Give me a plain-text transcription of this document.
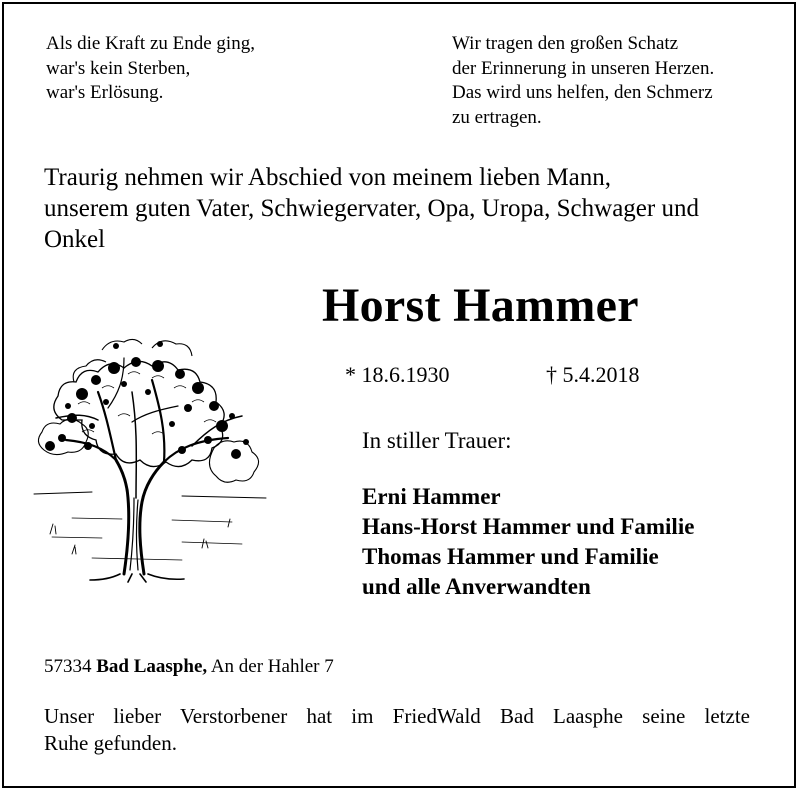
Als die Kraft zu Ende ging,
war's kein Sterben,
war's Erlösung.
Wir tragen den großen Schatz
der Erinnerung in unseren Herzen.
Das wird uns helfen, den Schmerz
zu ertragen.
Traurig nehmen wir Abschied von meinem lieben Mann,
unserem guten Vater, Schwiegervater, Opa, Uropa, Schwager und
Onkel
Horst Hammer
* 18.6.1930	† 5.4.2018
In stiller Trauer:
Erni Hammer
Hans-Horst Hammer und Familie
Thomas Hammer und Familie
und alle Anverwandten
57334 Bad Laasphe, An der Hahler 7
Unser lieber Verstorbener hat im FriedWald Bad Laasphe seine letzte
Ruhe gefunden.
